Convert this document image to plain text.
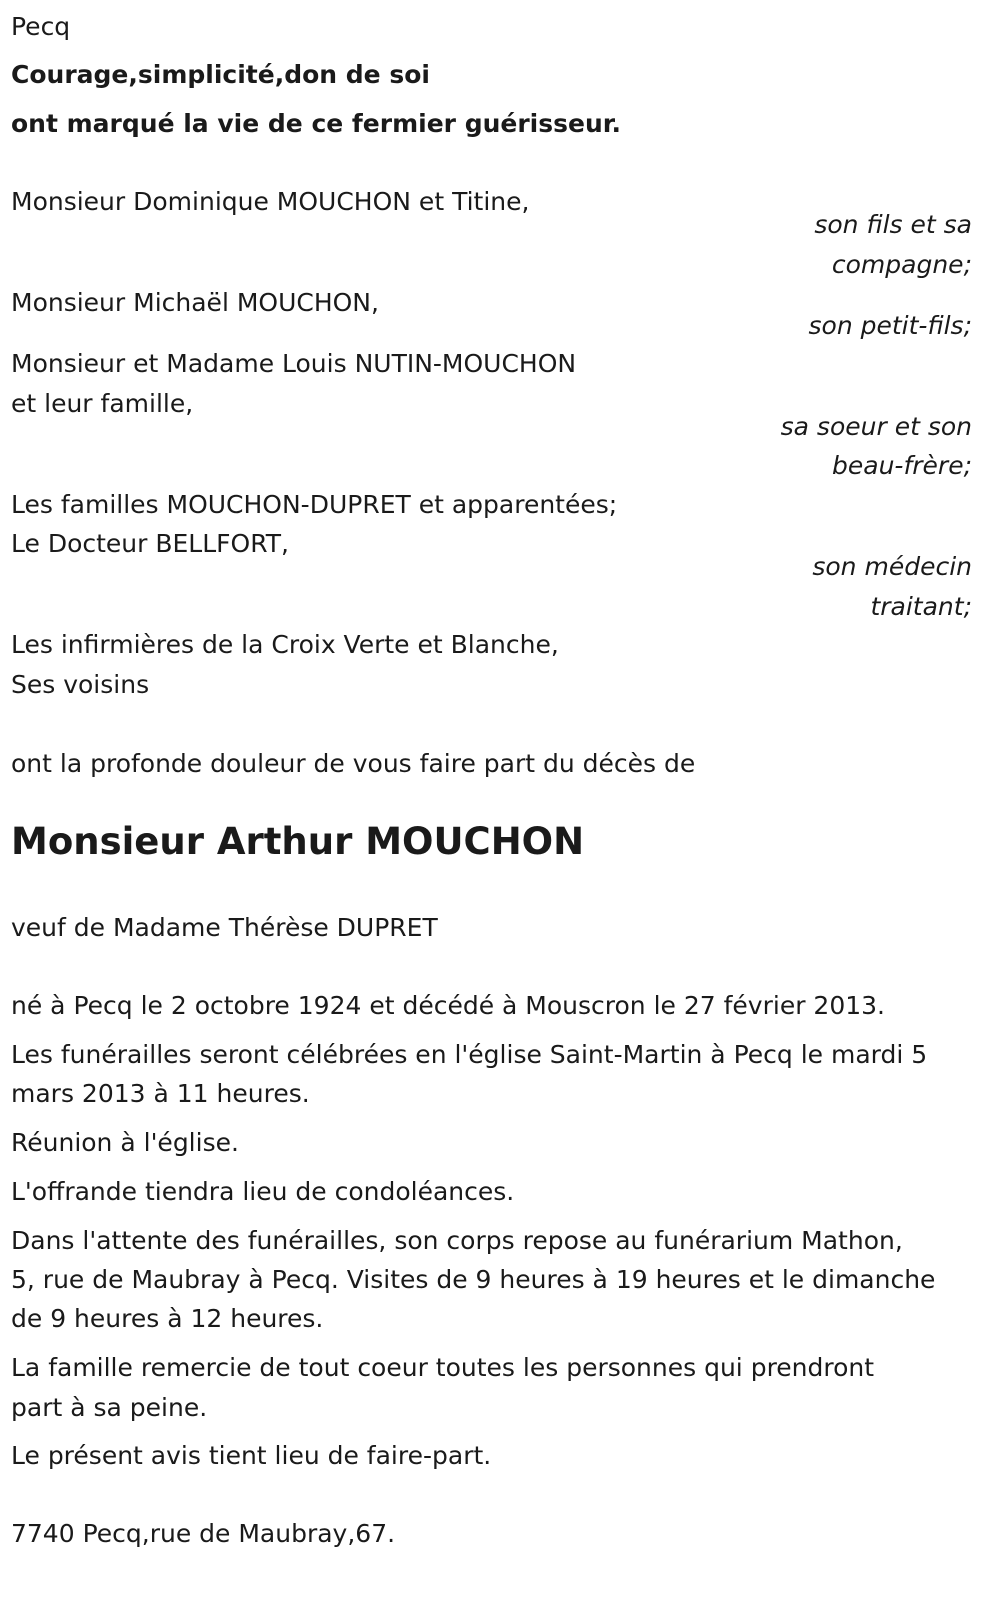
Pecq

Courage,simplicité,don de soi

ont marqué la vie de ce fermier guérisseur.

Monsieur Dominique MOUCHON et Titine,

son fils et sa

compagne;

Monsieur Michaël MOUCHON,

son petit-fils;

Monsieur et Madame Louis NUTIN-MOUCHON

et leur famille,

sa soeur et son

beau-frère;

Les familles MOUCHON-DUPRET et apparentées;

Le Docteur BELLFORT,

son médecin

traitant;

Les infirmières de la Croix Verte et Blanche,

Ses voisins

ont la profonde douleur de vous faire part du décès de

Monsieur Arthur MOUCHON

veuf de Madame Thérèse DUPRET

né à Pecq le 2 octobre 1924 et décédé à Mouscron le 27 février 2013.

Les funérailles seront célébrées en l'église Saint-Martin à Pecq le mardi 5

mars 2013 à 11 heures.

Réunion à l'église.

L'offrande tiendra lieu de condoléances.

Dans l'attente des funérailles, son corps repose au funérarium Mathon,

5, rue de Maubray à Pecq. Visites de 9 heures à 19 heures et le dimanche

de 9 heures à 12 heures.

La famille remercie de tout coeur toutes les personnes qui prendront

part à sa peine.

Le présent avis tient lieu de faire-part.

7740 Pecq,rue de Maubray,67.
